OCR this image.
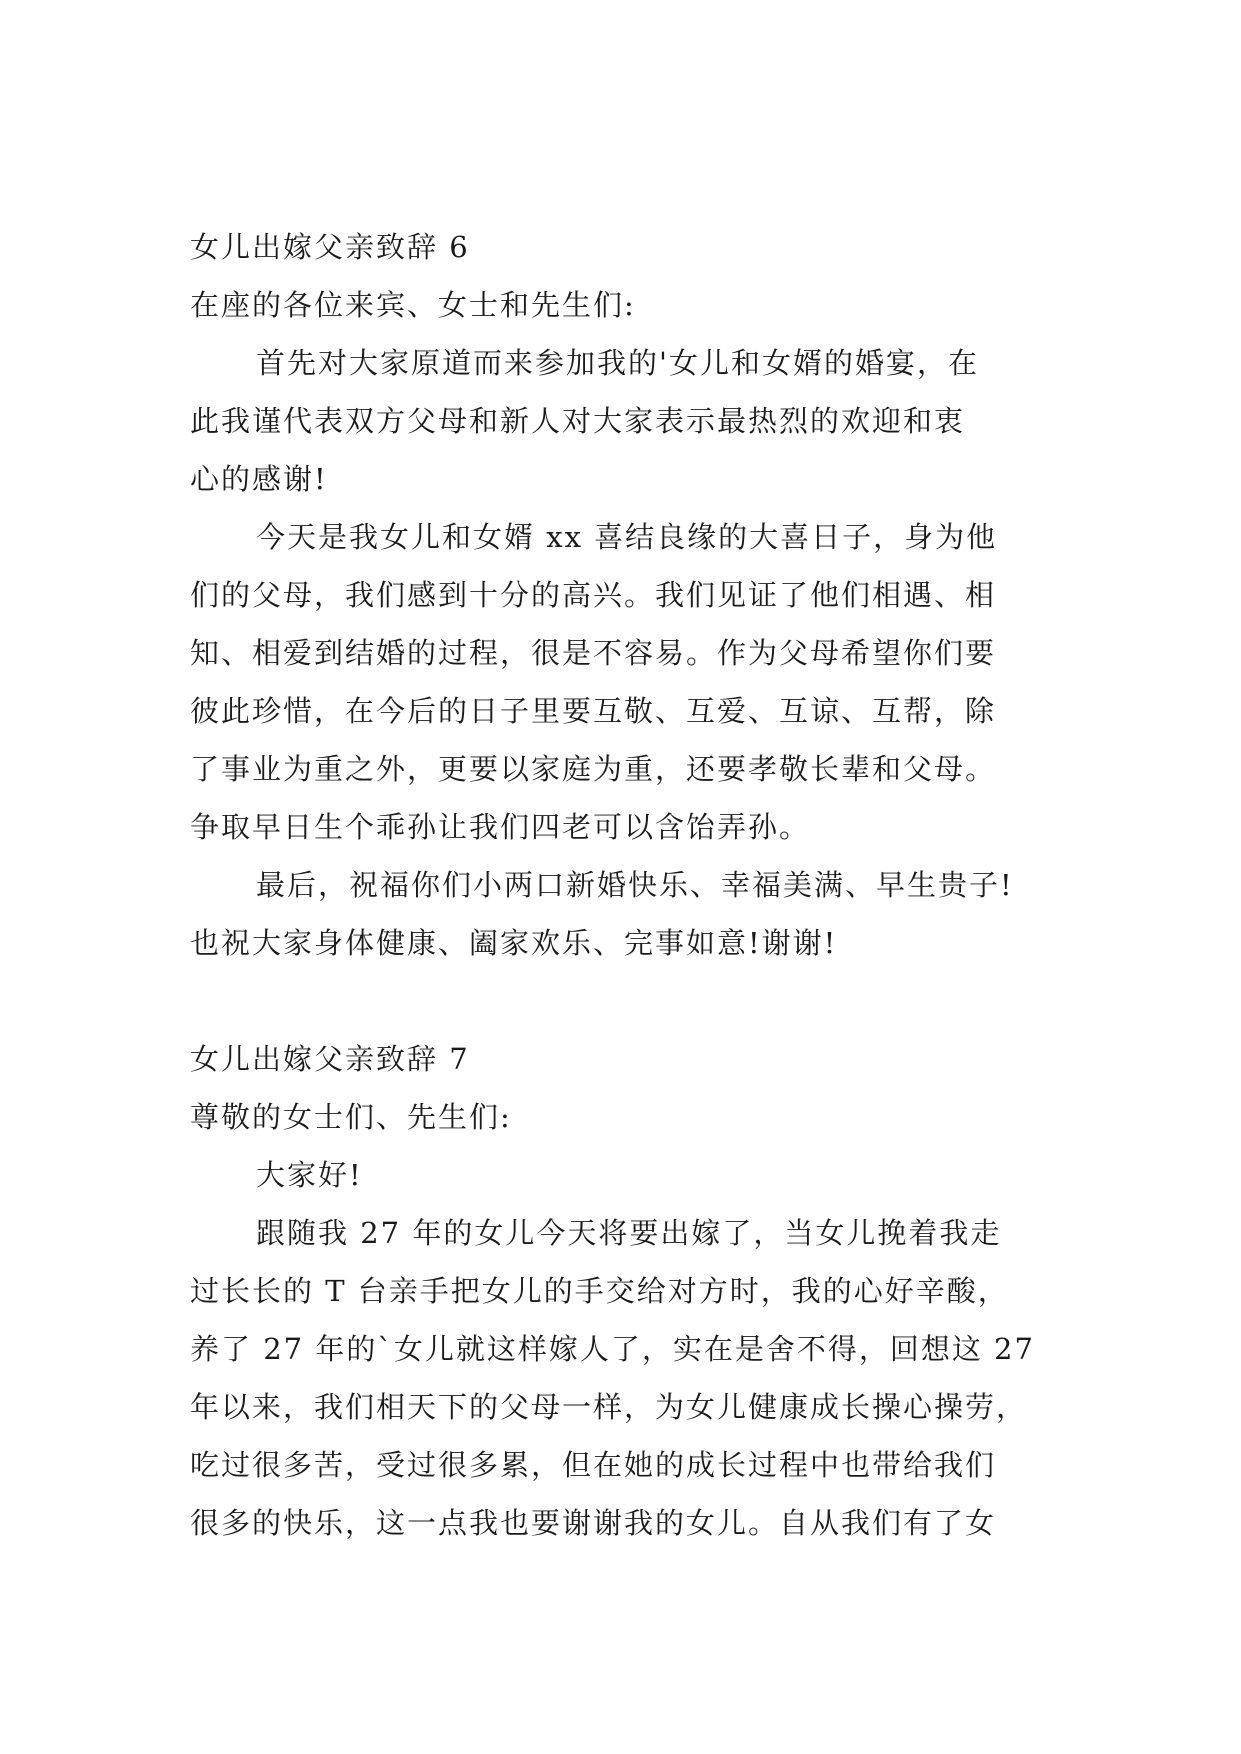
女儿出嫁父亲致辞 6
在座的各位来宾、女士和先生们:
首先对大家原道而来参加我的'女儿和女婿的婚宴，在
此我谨代表双方父母和新人对大家表示最热烈的欢迎和衷
心的感谢!
今天是我女儿和女婿 xx 喜结良缘的大喜日子，身为他
们的父母，我们感到十分的高兴。我们见证了他们相遇、相
知、相爱到结婚的过程，很是不容易。作为父母希望你们要
彼此珍惜，在今后的日子里要互敬、互爱、互谅、互帮，除
了事业为重之外，更要以家庭为重，还要孝敬长辈和父母。
争取早日生个乖孙让我们四老可以含饴弄孙。
最后，祝福你们小两口新婚快乐、幸福美满、早生贵子!
也祝大家身体健康、阖家欢乐、完事如意!谢谢!
女儿出嫁父亲致辞 7
尊敬的女士们、先生们:
大家好!
跟随我 27 年的女儿今天将要出嫁了，当女儿挽着我走
过长长的 T 台亲手把女儿的手交给对方时，我的心好辛酸，
养了 27 年的`女儿就这样嫁人了，实在是舍不得，回想这 27
年以来，我们相天下的父母一样，为女儿健康成长操心操劳，
吃过很多苦，受过很多累，但在她的成长过程中也带给我们
很多的快乐，这一点我也要谢谢我的女儿。自从我们有了女
